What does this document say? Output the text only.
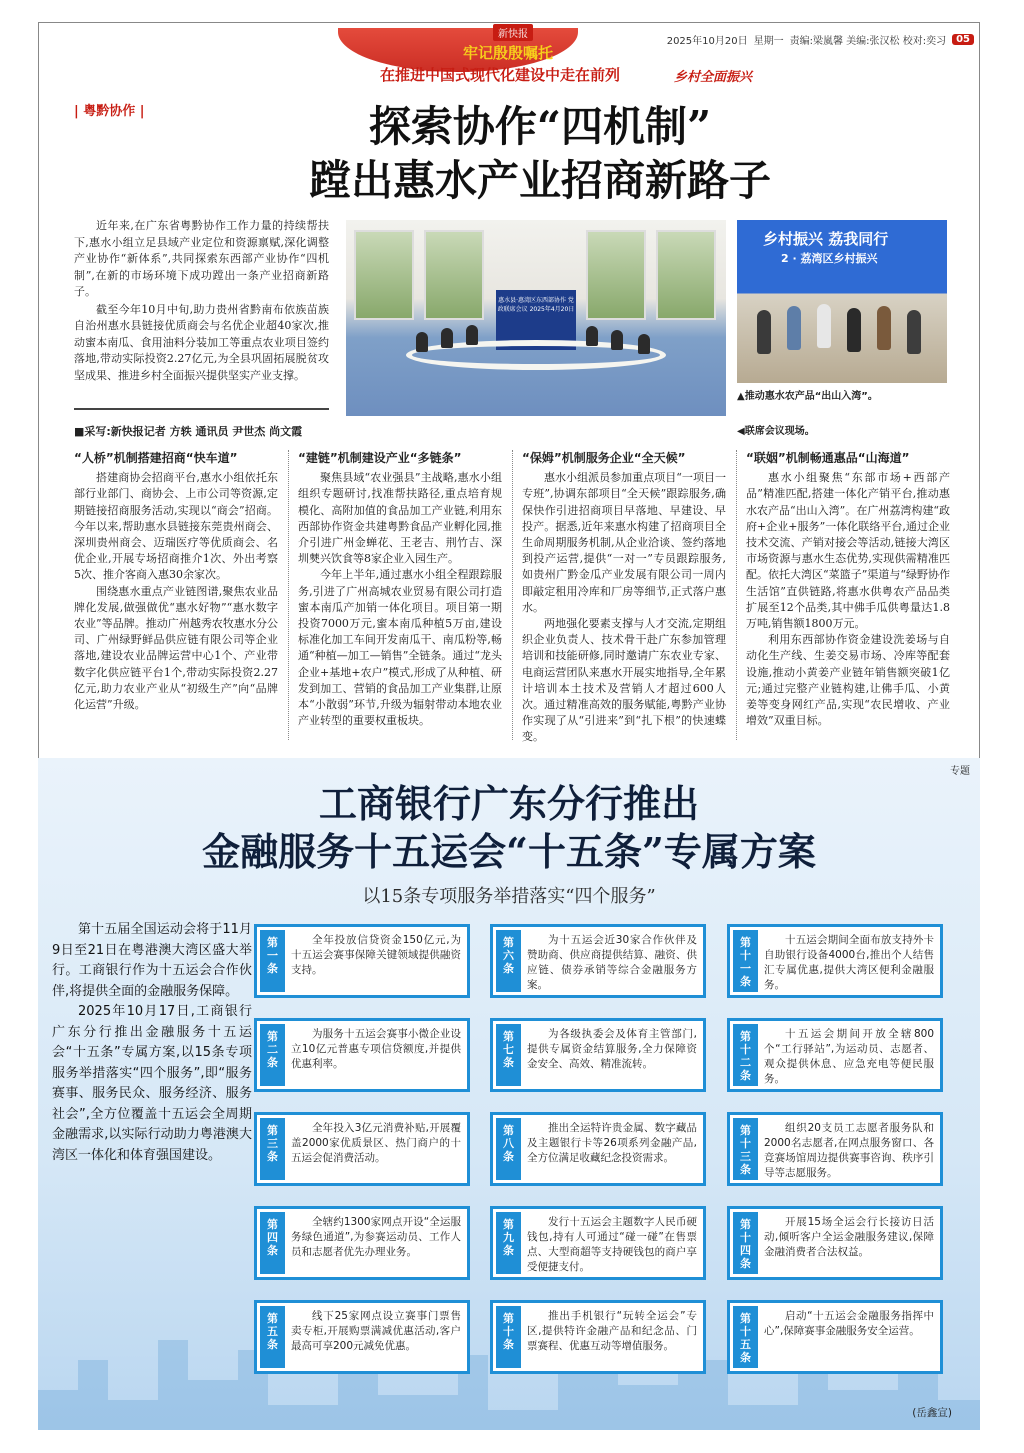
新快报
牢记殷殷嘱托
在推进中国式现代化建设中走在前列	乡村全面振兴
2025年10月20日 星期一 责编:梁嵐馨 美编:张汉松 校对:奕习	05
| 粤黔协作 |	探索协作“四机制”
蹚出惠水产业招商新路子

近年来,在广东省粤黔协作工作力量的持续帮扶下,惠水小组立足县域产业定位和资源禀赋,深化调整产业协作“新体系”,共同探索东西部产业协作“四机制”,在新的市场环境下成功蹚出一条产业招商新路子。

截至今年10月中旬,助力贵州省黔南布依族苗族自治州惠水县链接优质商会与名优企业超40家次,推动蜜本南瓜、食用油料分装加工等重点农业项目签约落地,带动实际投资2.27亿元,为全县巩固拓展脱贫攻坚成果、推进乡村全面振兴提供坚实产业支撑。

■采写:新快报记者 方轶 通讯员 尹世杰 尚文霞
惠水县·惠湾区东西部协作 党政联席会议 2025年4月20日
乡村振兴 荔我同行
2 · 荔湾区乡村振兴
▲推动惠水农产品“出山入湾”。
◀联席会议现场。
“人桥”机制搭建招商“快车道”

搭建商协会招商平台,惠水小组依托东部行业部门、商协会、上市公司等资源,定期链接招商服务活动,实现以“商会”招商。今年以来,帮助惠水县链接东莞贵州商会、深圳贵州商会、迈瑞医疗等优质商会、名优企业,开展专场招商推介1次、外出考察5次、推介客商入惠30余家次。

围绕惠水重点产业链图谱,聚焦农业品牌化发展,做强做优“惠水好物”“惠水数字农业”等品牌。推动广州越秀农牧惠水分公司、广州绿野鲜品供应链有限公司等企业落地,建设农业品牌运营中心1个、产业带数字化供应链平台1个,带动实际投资2.27亿元,助力农业产业从“初级生产”向“品牌化运营”升级。

“建链”机制建设产业“多链条”

聚焦县域“农业强县”主战略,惠水小组组织专题研讨,找准帮扶路径,重点培育规模化、高附加值的食品加工产业链,利用东西部协作资金共建粤黔食品产业孵化园,推介引进广州金蝉花、王老吉、荆竹吉、深圳僰兴饮食等8家企业入园生产。

今年上半年,通过惠水小组全程跟踪服务,引进了广州高城农业贸易有限公司打造蜜本南瓜产加销一体化项目。项目第一期投资7000万元,蜜本南瓜种植5万亩,建设标准化加工车间开发南瓜干、南瓜粉等,畅通“种植—加工—销售”全链条。通过“龙头企业+基地+农户”模式,形成了从种植、研发到加工、营销的食品加工产业集群,让原本“小散弱”环节,升级为辐射带动本地农业产业转型的重要权重板块。

“保姆”机制服务企业“全天候”

惠水小组派员参加重点项目“一项目一专班”,协调东部项目“全天候”跟踪服务,确保快作引进招商项目早落地、早建设、早投产。据悉,近年来惠水构建了招商项目全生命周期服务机制,从企业洽谈、签约落地到投产运营,提供“一对一”专员跟踪服务,如贵州广黔金瓜产业发展有限公司一周内即敲定租用冷库和厂房等细节,正式落户惠水。

两地强化要素支撑与人才交流,定期组织企业负责人、技术骨干赴广东参加管理培训和技能研修,同时邀请广东农业专家、电商运营团队来惠水开展实地指导,全年累计培训本土技术及营销人才超过600人次。通过精准高效的服务赋能,粤黔产业协作实现了从“引进来”到“扎下根”的快速蝶变。

“联姻”机制畅通惠品“山海道”

惠水小组聚焦“东部市场+西部产品”精准匹配,搭建一体化产销平台,推动惠水农产品“出山入湾”。在广州荔湾构建“政府+企业+服务”一体化联络平台,通过企业技术交流、产销对接会等活动,链接大湾区市场资源与惠水生态优势,实现供需精准匹配。依托大湾区“菜篮子”渠道与“绿野协作生活馆”直供链路,将惠水供粤农产品品类扩展至12个品类,其中佛手瓜供粤量达1.8万吨,销售额1800万元。

利用东西部协作资金建设洗姜场与自动化生产线、生姜交易市场、冷库等配套设施,推动小黄姜产业链年销售额突破1亿元;通过完整产业链构建,让佛手瓜、小黄姜等变身网红产品,实现“农民增收、产业增效”双重目标。

专题
工商银行广东分行推出
金融服务十五运会“十五条”专属方案
以15条专项服务举措落实“四个服务”

第十五届全国运动会将于11月9日至21日在粤港澳大湾区盛大举行。工商银行作为十五运会合作伙伴,将提供全面的金融服务保障。

2025年10月17日,工商银行广东分行推出金融服务十五运会“十五条”专属方案,以15条专项服务举措落实“四个服务”,即“服务赛事、服务民众、服务经济、服务社会”,全方位覆盖十五运会全周期金融需求,以实际行动助力粤港澳大湾区一体化和体育强国建设。

第
一
条
全年投放信贷资金150亿元,为十五运会赛事保障关键领域提供融资支持。
第
二
条
为服务十五运会赛事小微企业设立10亿元普惠专项信贷额度,并提供优惠利率。
第
三
条
全年投入3亿元消费补贴,开展覆盖2000家优质景区、热门商户的十五运会促消费活动。
第
四
条
全辖约1300家网点开设“全运服务绿色通道”,为参赛运动员、工作人员和志愿者优先办理业务。
第
五
条
线下25家网点设立赛事门票售卖专柜,开展购票满减优惠活动,客户最高可享200元减免优惠。
第
六
条
为十五运会近30家合作伙伴及赞助商、供应商提供结算、融资、供应链、债券承销等综合金融服务方案。
第
七
条
为各级执委会及体育主管部门,提供专属资金结算服务,全力保障资金安全、高效、精准流转。
第
八
条
推出全运特许贵金属、数字藏品及主题银行卡等26项系列金融产品,全方位满足收藏纪念投资需求。
第
九
条
发行十五运会主题数字人民币硬钱包,持有人可通过“碰一碰”在售票点、大型商超等支持硬钱包的商户享受便捷支付。
第
十
条
推出手机银行“玩转全运会”专区,提供特许金融产品和纪念品、门票赛程、优惠互动等增值服务。
第
十
一
条
十五运会期间全面布放支持外卡自助银行设备4000台,推出个人结售汇专属优惠,提供大湾区便利金融服务。
第
十
二
条
十五运会期间开放全辖800个“工行驿站”,为运动员、志愿者、观众提供休息、应急充电等便民服务。
第
十
三
条
组织20支员工志愿者服务队和2000名志愿者,在网点服务窗口、各竞赛场馆周边提供赛事咨询、秩序引导等志愿服务。
第
十
四
条
开展15场全运会行长接访日活动,倾听客户全运金融服务建议,保障金融消费者合法权益。
第
十
五
条
启动“十五运会金融服务指挥中心”,保障赛事金融服务安全运营。
(岳鑫宣)
